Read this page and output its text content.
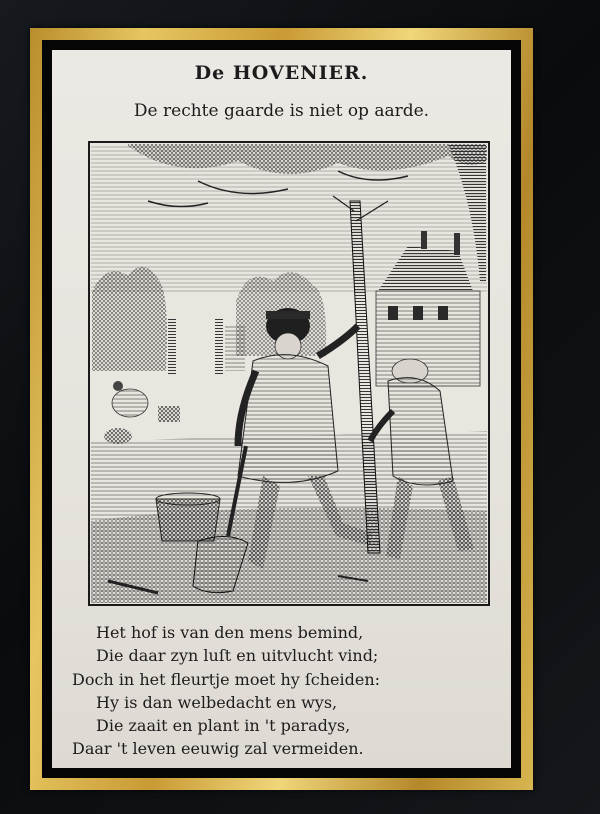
De HOVENIER.
De rechte gaarde is niet op aarde.
Het hof is van den mens bemind,
Die daar zyn luſt en uitvlucht vind;
Doch in het fleurtje moet hy ſcheiden:
Hy is dan welbedacht en wys,
Die zaait en plant in 't paradys,
Daar 't leven eeuwig zal vermeiden.
